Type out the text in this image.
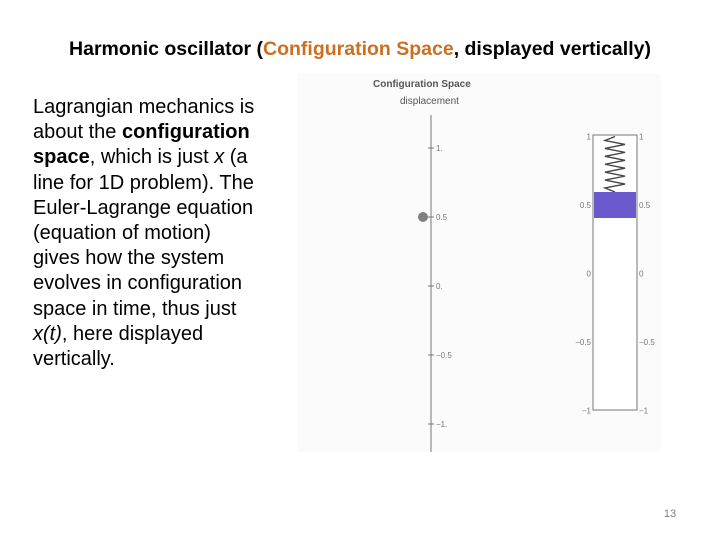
Harmonic oscillator (Configuration Space, displayed vertically)
Lagrangian mechanics is about the configuration space, which is just x (a line for 1D problem). The Euler-Lagrange equation (equation of motion) gives how the system evolves in configuration space in time, thus just x(t), here displayed vertically.
Configuration Space
displacement
1.
0.5
0.
−0.5
−1.
1
0.5
0
−0.5
−1
1
0.5
0
−0.5
−1
13
